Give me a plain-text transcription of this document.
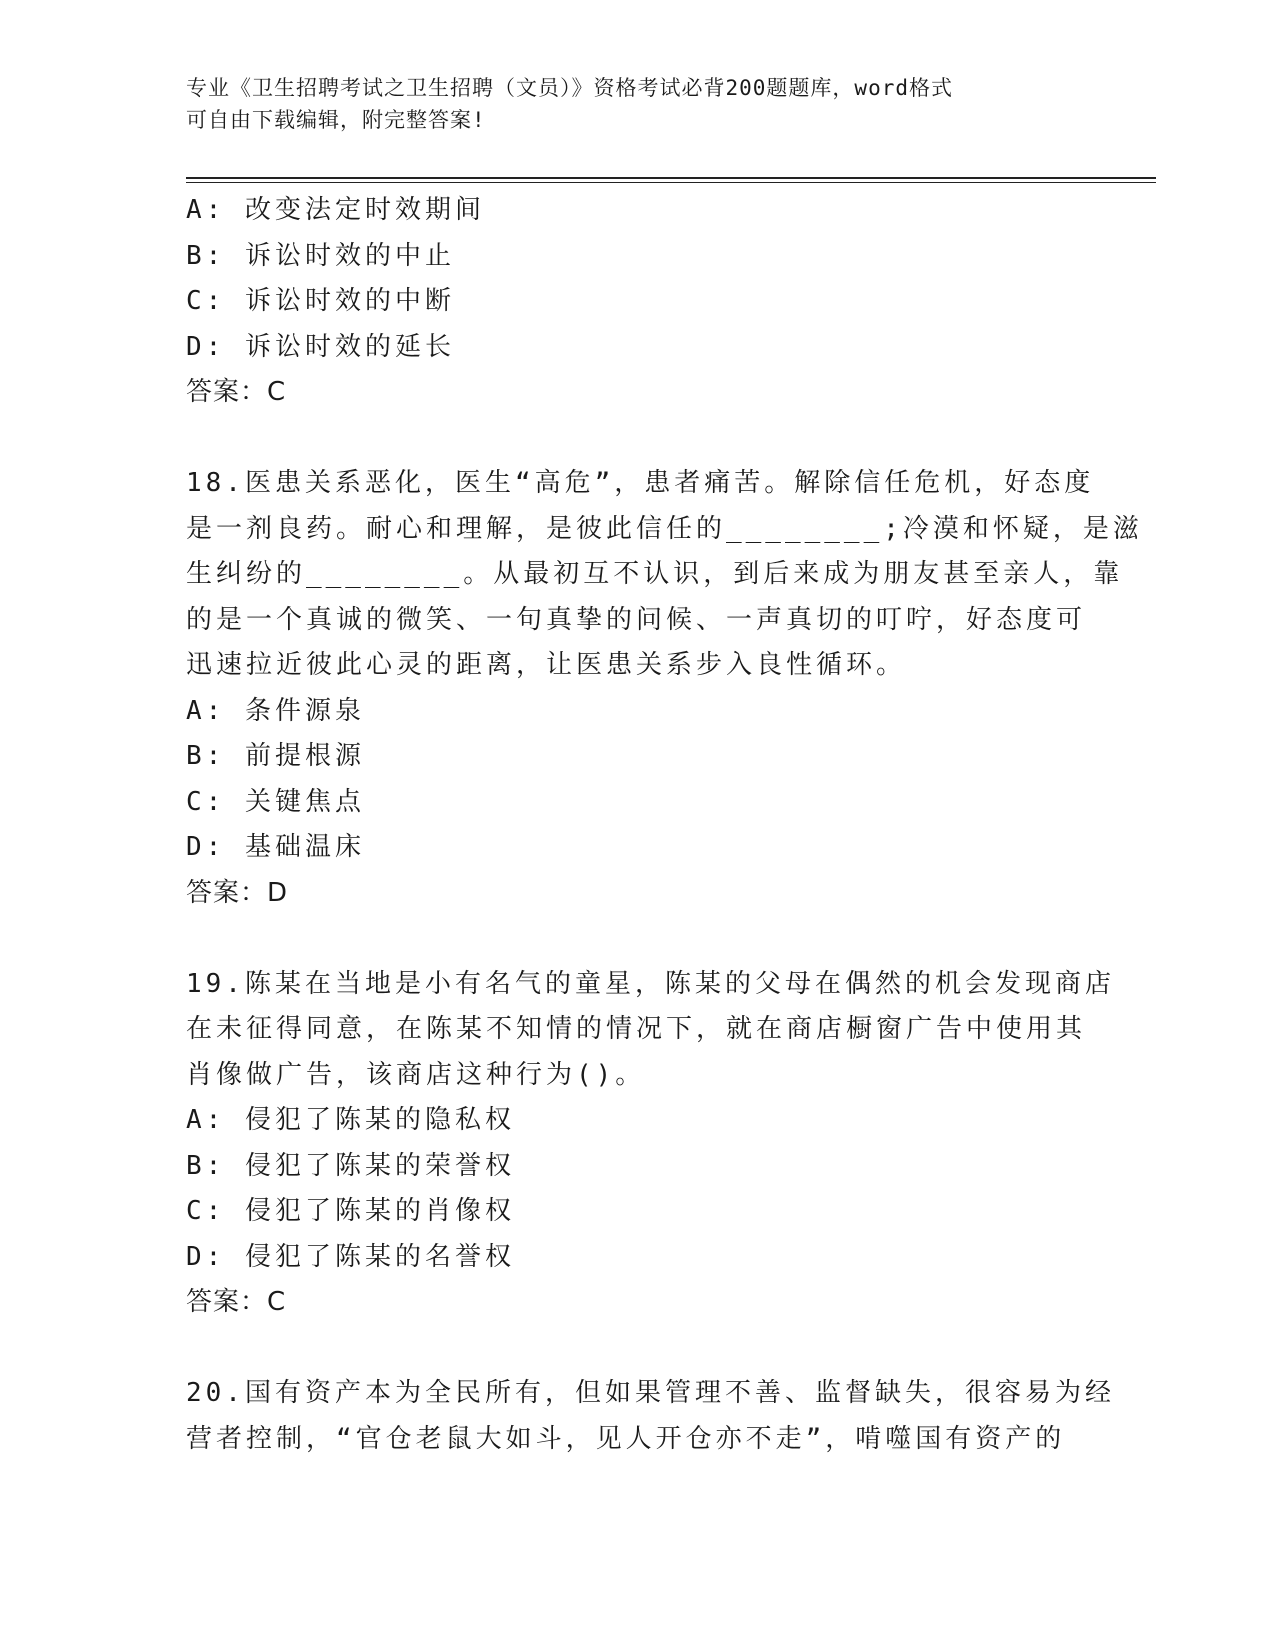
专业《卫生招聘考试之卫生招聘（文员）》资格考试必背200题题库，word格式
可自由下载编辑，附完整答案!
A: 改变法定时效期间
B: 诉讼时效的中止
C: 诉讼时效的中断
D: 诉讼时效的延长
答案：C
18.医患关系恶化，医生“高危”，患者痛苦。解除信任危机，好态度
是一剂良药。耐心和理解，是彼此信任的________;冷漠和怀疑，是滋
生纠纷的________。从最初互不认识，到后来成为朋友甚至亲人，靠
的是一个真诚的微笑、一句真挚的问候、一声真切的叮咛，好态度可
迅速拉近彼此心灵的距离，让医患关系步入良性循环。
A: 条件源泉
B: 前提根源
C: 关键焦点
D: 基础温床
答案：D
19.陈某在当地是小有名气的童星，陈某的父母在偶然的机会发现商店
在未征得同意，在陈某不知情的情况下，就在商店橱窗广告中使用其
肖像做广告，该商店这种行为()。
A: 侵犯了陈某的隐私权
B: 侵犯了陈某的荣誉权
C: 侵犯了陈某的肖像权
D: 侵犯了陈某的名誉权
答案：C
20.国有资产本为全民所有，但如果管理不善、监督缺失，很容易为经
营者控制，“官仓老鼠大如斗，见人开仓亦不走”，啃噬国有资产的
